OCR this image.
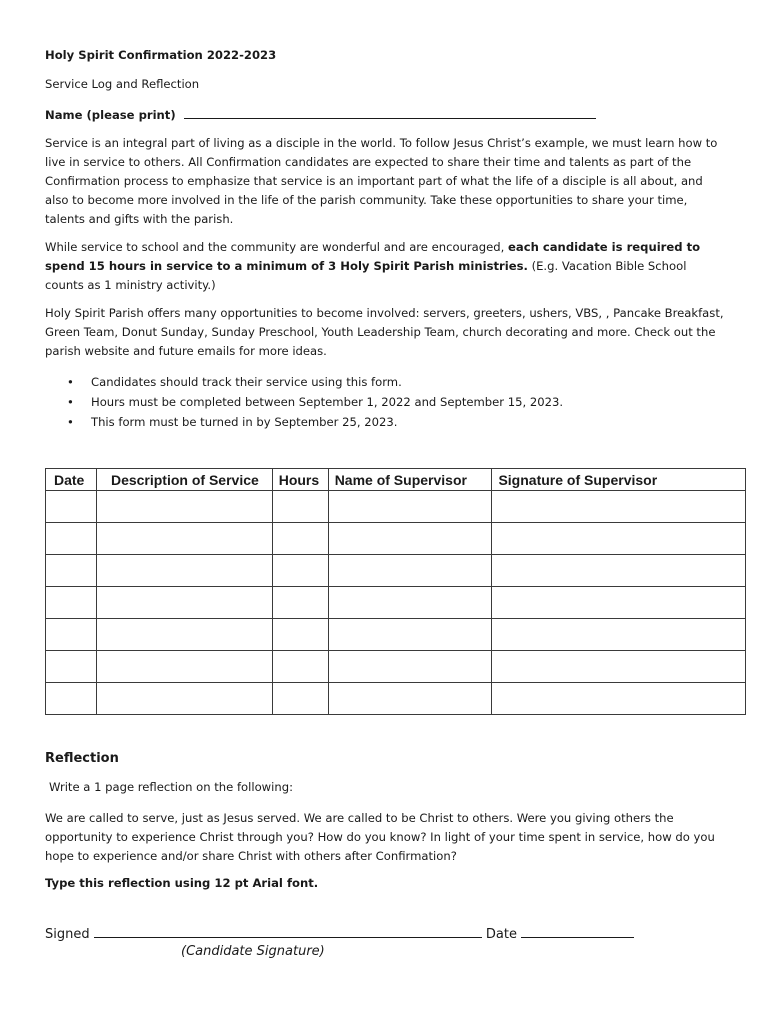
Holy Spirit Confirmation 2022-2023
Service Log and Reflection
Name (please print)

Service is an integral part of living as a disciple in the world. To follow Jesus Christ’s example, we must learn how to live in service to others. All Confirmation candidates are expected to share their time and talents as part of the Confirmation process to emphasize that service is an important part of what the life of a disciple is all about, and also to become more involved in the life of the parish community. Take these opportunities to share your time, talents and gifts with the parish.

While service to school and the community are wonderful and are encouraged, each candidate is required to spend 15 hours in service to a minimum of 3 Holy Spirit Parish ministries. (E.g. Vacation Bible School counts as 1 ministry activity.)

Holy Spirit Parish offers many opportunities to become involved: servers, greeters, ushers, VBS, , Pancake Breakfast, Green Team, Donut Sunday, Sunday Preschool, Youth Leadership Team, church decorating and more. Check out the parish website and future emails for more ideas.

• Candidates should track their service using this form.
• Hours must be completed between September 1, 2022 and September 15, 2023.
• This form must be turned in by September 25, 2023.
Date	Description of Service	Hours	Name of Supervisor	Signature of Supervisor

Reflection
Write a 1 page reflection on the following:

We are called to serve, just as Jesus served. We are called to be Christ to others. Were you giving others the opportunity to experience Christ through you? How do you know? In light of your time spent in service, how do you hope to experience and/or share Christ with others after Confirmation?

Type this reflection using 12 pt Arial font.
Signed	Date
(Candidate Signature)
